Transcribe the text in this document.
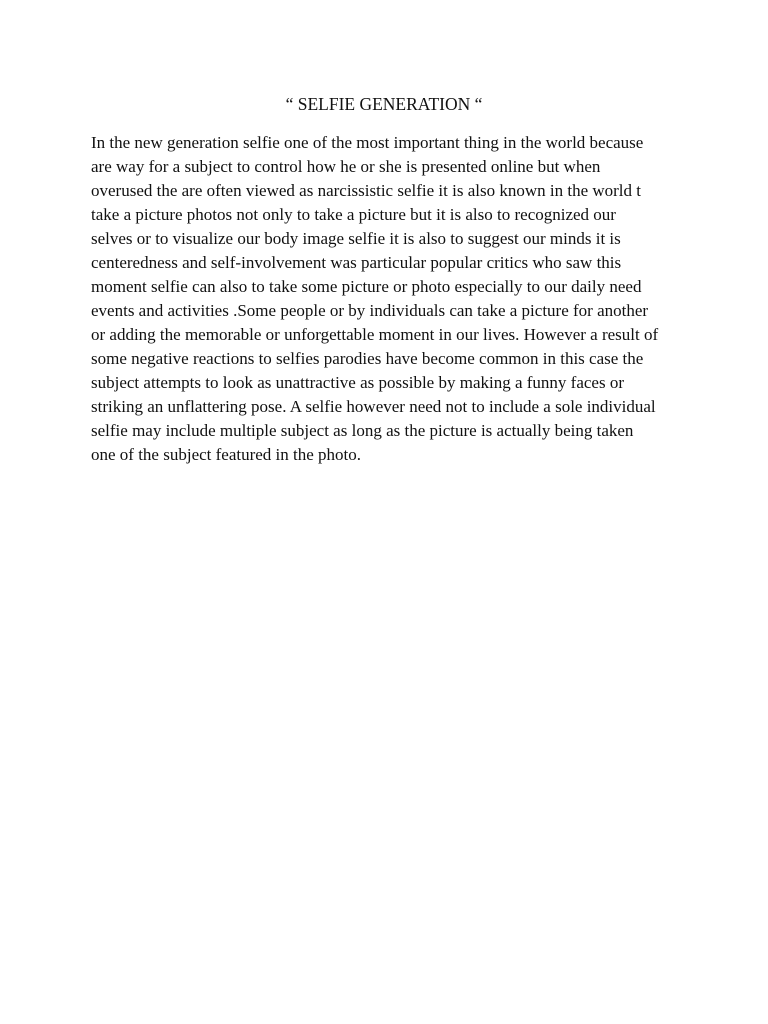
“ SELFIE GENERATION “
In the new generation selfie one of the most important thing in the world because
are way for a subject to control how he or she is presented online but when
overused the are often viewed as narcissistic selfie it is also known in the world t
take a picture photos not only to take a picture but it is also to recognized our
selves or to visualize our body image selfie it is also to suggest our minds it is
centeredness and self-involvement was particular popular critics who saw this
moment selfie can also to take some picture or photo especially to our daily need
events and activities .Some people or by individuals can take a picture for another
or adding the memorable or unforgettable moment in our lives. However a result of
some negative reactions to selfies parodies have become common in this case the
subject attempts to look as unattractive as possible by making a funny faces or
striking an unflattering pose. A selfie however need not to include a sole individual
selfie may include multiple subject as long as the picture is actually being taken
one of the subject featured in the photo.
